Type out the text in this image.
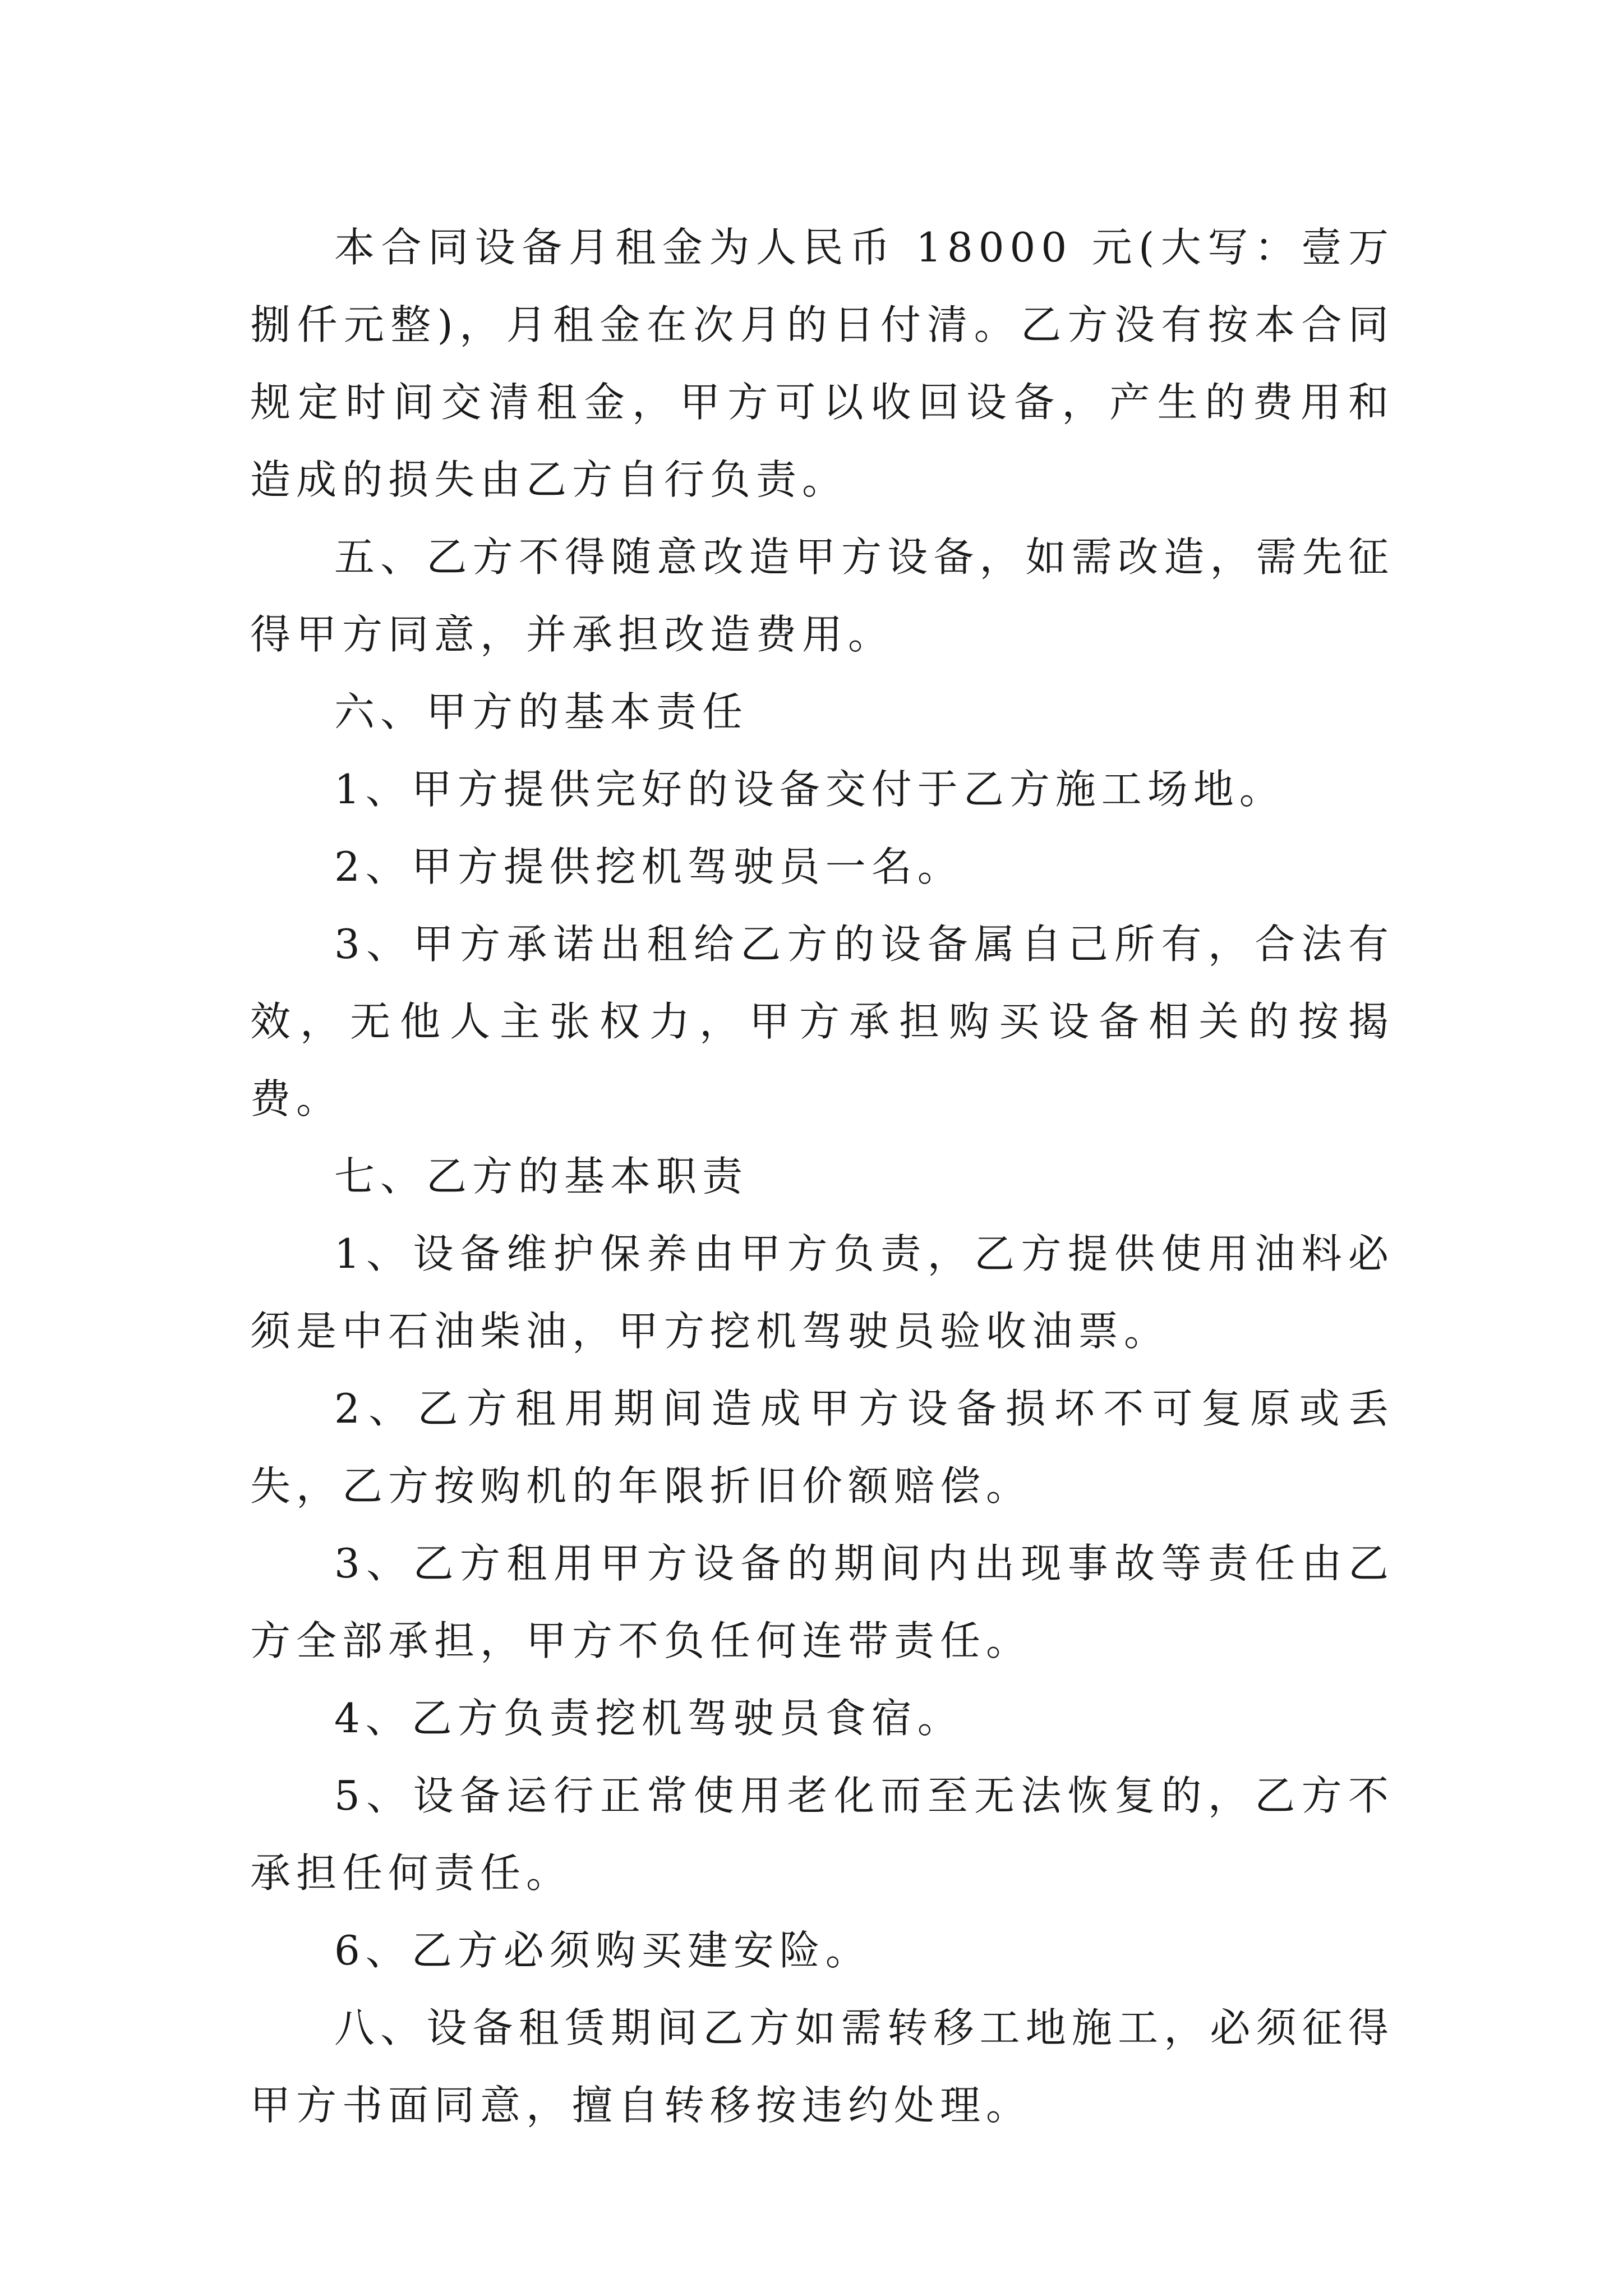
本合同设备月租金为人民币 18000 元(大写：壹万捌仟元整)，月租金在次月的日付清。乙方没有按本合同规定时间交清租金，甲方可以收回设备，产生的费用和造成的损失由乙方自行负责。

五、乙方不得随意改造甲方设备，如需改造，需先征得甲方同意，并承担改造费用。

六、甲方的基本责任

1、甲方提供完好的设备交付于乙方施工场地。

2、甲方提供挖机驾驶员一名。

3、甲方承诺出租给乙方的设备属自己所有，合法有效，无他人主张权力，甲方承担购买设备相关的按揭费。

七、乙方的基本职责

1、设备维护保养由甲方负责，乙方提供使用油料必须是中石油柴油，甲方挖机驾驶员验收油票。

2、乙方租用期间造成甲方设备损坏不可复原或丢失，乙方按购机的年限折旧价额赔偿。

3、乙方租用甲方设备的期间内出现事故等责任由乙方全部承担，甲方不负任何连带责任。

4、乙方负责挖机驾驶员食宿。

5、设备运行正常使用老化而至无法恢复的，乙方不承担任何责任。

6、乙方必须购买建安险。

八、设备租赁期间乙方如需转移工地施工，必须征得甲方书面同意，擅自转移按违约处理。
